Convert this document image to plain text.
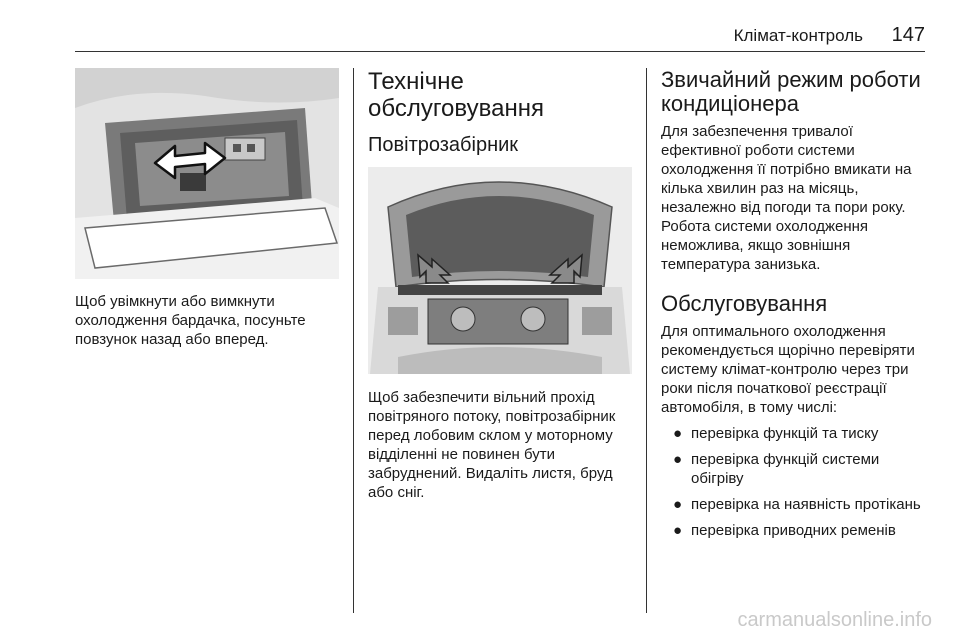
Клімат-контроль 147

Щоб увімкнути або вимкнути охолодження бардачка, посуньте повзунок назад або вперед.

Технічне обслуговування
Повітрозабірник

Щоб забезпечити вільний прохід повітряного потоку, повітрозабірник перед лобовим склом у моторному відділенні не повинен бути забруднений. Видаліть листя, бруд або сніг.

Звичайний режим роботи кондиціонера

Для забезпечення тривалої ефективної роботи системи охолодження її потрібно вмикати на кілька хвилин раз на місяць, незалежно від погоди та пори року. Робота системи охолодження неможлива, якщо зовнішня температура занизька.

Обслуговування

Для оптимального охолодження рекомендується щорічно перевіряти систему клімат-контролю через три роки після початкової реєстрації автомобіля, в тому числі:

● перевірка функцій та тиску
● перевірка функцій системи обігріву
● перевірка на наявність протікань
● перевірка приводних ременів
carmanualsonline.info
